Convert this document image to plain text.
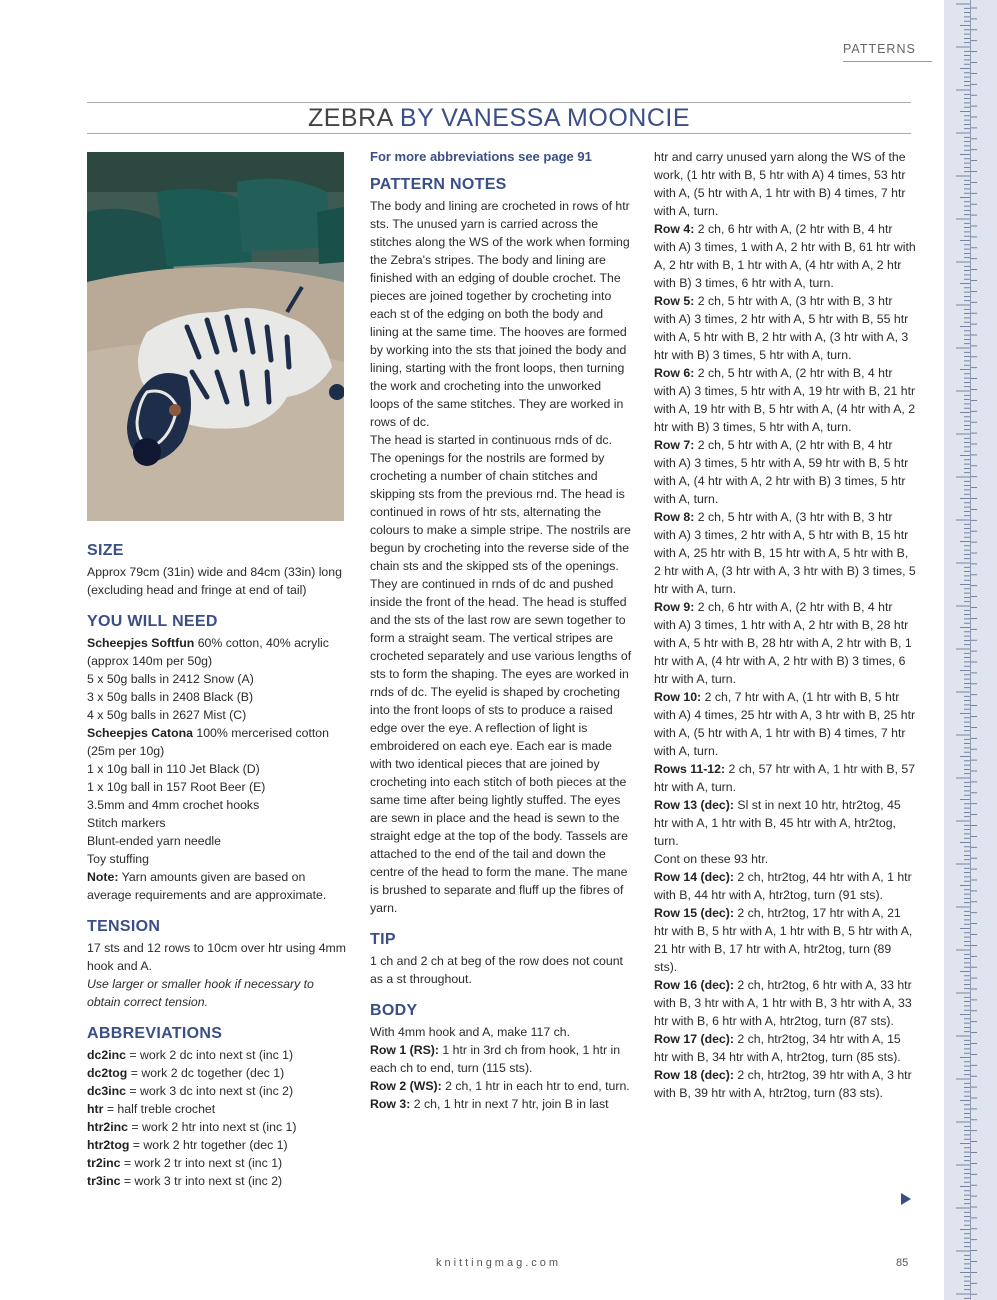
PATTERNS
ZEBRA BY VANESSA MOONCIE
SIZE

Approx 79cm (31in) wide and 84cm (33in) long (excluding head and fringe at end of tail)

YOU WILL NEED

Scheepjes Softfun 60% cotton, 40% acrylic (approx 140m per 50g)

5 x 50g balls in 2412 Snow (A)

3 x 50g balls in 2408 Black (B)

4 x 50g balls in 2627 Mist (C)

Scheepjes Catona 100% mercerised cotton (25m per 10g)

1 x 10g ball in 110 Jet Black (D)

1 x 10g ball in 157 Root Beer (E)

3.5mm and 4mm crochet hooks

Stitch markers

Blunt-ended yarn needle

Toy stuffing

Note: Yarn amounts given are based on average requirements and are approximate.

TENSION

17 sts and 12 rows to 10cm over htr using 4mm hook and A.

Use larger or smaller hook if necessary to obtain correct tension.

ABBREVIATIONS

dc2inc = work 2 dc into next st (inc 1)

dc2tog = work 2 dc together (dec 1)

dc3inc = work 3 dc into next st (inc 2)

htr = half treble crochet

htr2inc = work 2 htr into next st (inc 1)

htr2tog = work 2 htr together (dec 1)

tr2inc = work 2 tr into next st (inc 1)

tr3inc = work 3 tr into next st (inc 2)

For more abbreviations see page 91

PATTERN NOTES

The body and lining are crocheted in rows of htr sts. The unused yarn is carried across the stitches along the WS of the work when forming the Zebra's stripes. The body and lining are finished with an edging of double crochet. The pieces are joined together by crocheting into each st of the edging on both the body and lining at the same time. The hooves are formed by working into the sts that joined the body and lining, starting with the front loops, then turning the work and crocheting into the unworked loops of the same stitches. They are worked in rows of dc.

The head is started in continuous rnds of dc. The openings for the nostrils are formed by crocheting a number of chain stitches and skipping sts from the previous rnd. The head is continued in rows of htr sts, alternating the colours to make a simple stripe. The nostrils are begun by crocheting into the reverse side of the chain sts and the skipped sts of the openings. They are continued in rnds of dc and pushed inside the front of the head. The head is stuffed and the sts of the last row are sewn together to form a straight seam. The vertical stripes are crocheted separately and use various lengths of sts to form the shaping. The eyes are worked in rnds of dc. The eyelid is shaped by crocheting into the front loops of sts to produce a raised edge over the eye. A reflection of light is embroidered on each eye. Each ear is made with two identical pieces that are joined by crocheting into each stitch of both pieces at the same time after being lightly stuffed. The eyes are sewn in place and the head is sewn to the straight edge at the top of the body. Tassels are attached to the end of the tail and down the centre of the head to form the mane. The mane is brushed to separate and fluff up the fibres of yarn.

TIP

1 ch and 2 ch at beg of the row does not count as a st throughout.

BODY

With 4mm hook and A, make 117 ch.

Row 1 (RS): 1 htr in 3rd ch from hook, 1 htr in each ch to end, turn (115 sts).

Row 2 (WS): 2 ch, 1 htr in each htr to end, turn.

Row 3: 2 ch, 1 htr in next 7 htr, join B in last

htr and carry unused yarn along the WS of the work, (1 htr with B, 5 htr with A) 4 times, 53 htr with A, (5 htr with A, 1 htr with B) 4 times, 7 htr with A, turn.

Row 4: 2 ch, 6 htr with A, (2 htr with B, 4 htr with A) 3 times, 1 with A, 2 htr with B, 61 htr with A, 2 htr with B, 1 htr with A, (4 htr with A, 2 htr with B) 3 times, 6 htr with A, turn.

Row 5: 2 ch, 5 htr with A, (3 htr with B, 3 htr with A) 3 times, 2 htr with A, 5 htr with B, 55 htr with A, 5 htr with B, 2 htr with A, (3 htr with A, 3 htr with B) 3 times, 5 htr with A, turn.

Row 6: 2 ch, 5 htr with A, (2 htr with B, 4 htr with A) 3 times, 5 htr with A, 19 htr with B, 21 htr with A, 19 htr with B, 5 htr with A, (4 htr with A, 2 htr with B) 3 times, 5 htr with A, turn.

Row 7: 2 ch, 5 htr with A, (2 htr with B, 4 htr with A) 3 times, 5 htr with A, 59 htr with B, 5 htr with A, (4 htr with A, 2 htr with B) 3 times, 5 htr with A, turn.

Row 8: 2 ch, 5 htr with A, (3 htr with B, 3 htr with A) 3 times, 2 htr with A, 5 htr with B, 15 htr with A, 25 htr with B, 15 htr with A, 5 htr with B, 2 htr with A, (3 htr with A, 3 htr with B) 3 times, 5 htr with A, turn.

Row 9: 2 ch, 6 htr with A, (2 htr with B, 4 htr with A) 3 times, 1 htr with A, 2 htr with B, 28 htr with A, 5 htr with B, 28 htr with A, 2 htr with B, 1 htr with A, (4 htr with A, 2 htr with B) 3 times, 6 htr with A, turn.

Row 10: 2 ch, 7 htr with A, (1 htr with B, 5 htr with A) 4 times, 25 htr with A, 3 htr with B, 25 htr with A, (5 htr with A, 1 htr with B) 4 times, 7 htr with A, turn.

Rows 11-12: 2 ch, 57 htr with A, 1 htr with B, 57 htr with A, turn.

Row 13 (dec): Sl st in next 10 htr, htr2tog, 45 htr with A, 1 htr with B, 45 htr with A, htr2tog, turn.

Cont on these 93 htr.

Row 14 (dec): 2 ch, htr2tog, 44 htr with A, 1 htr with B, 44 htr with A, htr2tog, turn (91 sts).

Row 15 (dec): 2 ch, htr2tog, 17 htr with A, 21 htr with B, 5 htr with A, 1 htr with B, 5 htr with A, 21 htr with B, 17 htr with A, htr2tog, turn (89 sts).

Row 16 (dec): 2 ch, htr2tog, 6 htr with A, 33 htr with B, 3 htr with A, 1 htr with B, 3 htr with A, 33 htr with B, 6 htr with A, htr2tog, turn (87 sts).

Row 17 (dec): 2 ch, htr2tog, 34 htr with A, 15 htr with B, 34 htr with A, htr2tog, turn (85 sts).

Row 18 (dec): 2 ch, htr2tog, 39 htr with A, 3 htr with B, 39 htr with A, htr2tog, turn (83 sts).

knittingmag.com	85
